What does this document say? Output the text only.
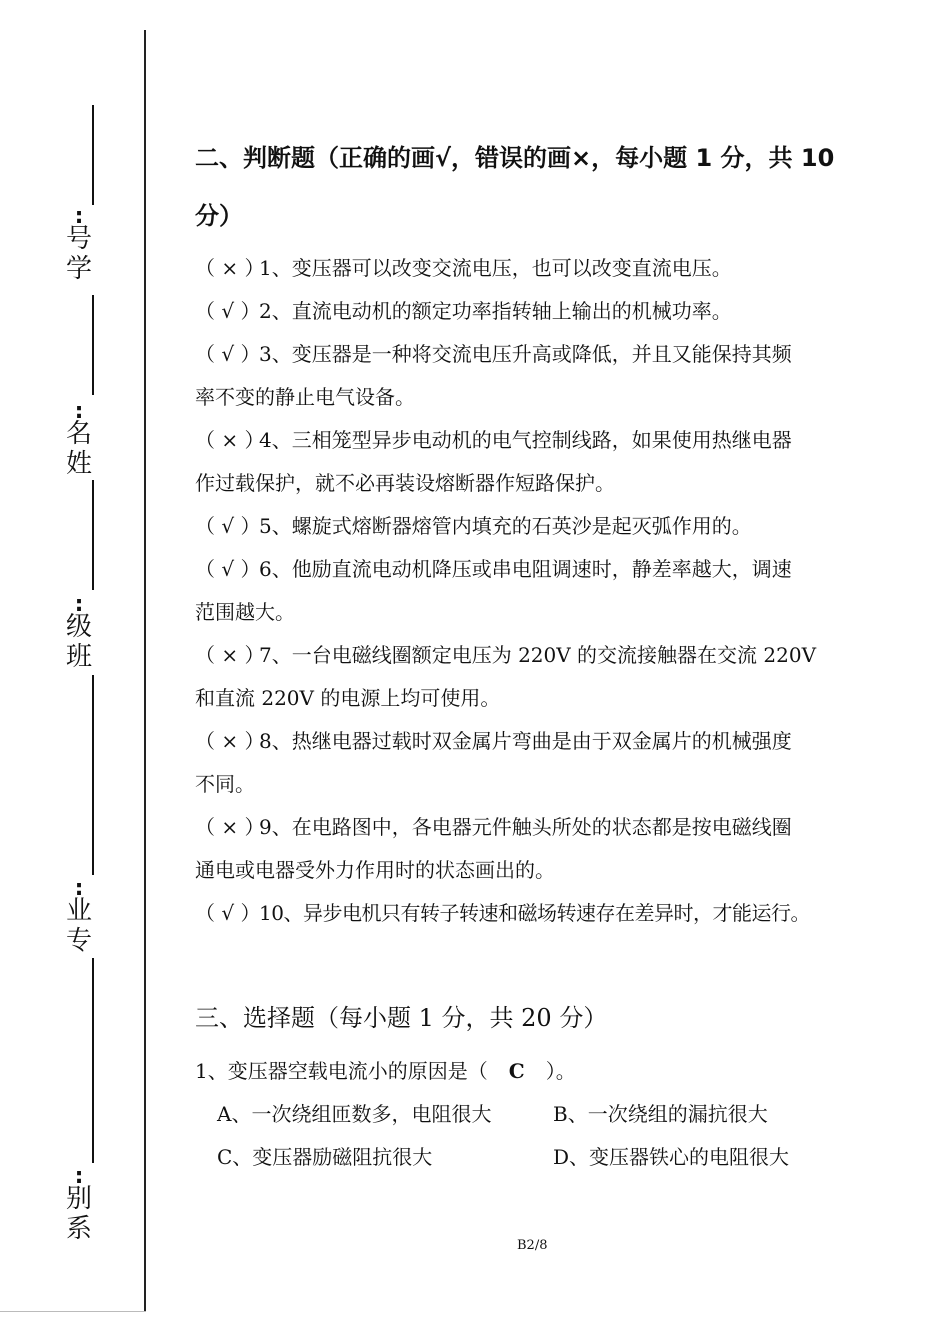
:
号
学
:
名
姓
:
级
班
:
业
专
:
别
系

二、判断题（正确的画√，错误的画×，每小题 1 分，共 10

分）

（ × ）1、变压器可以改变交流电压，也可以改变直流电压。

（ √ ）2、直流电动机的额定功率指转轴上输出的机械功率。

（ √ ）3、变压器是一种将交流电压升高或降低，并且又能保持其频

率不变的静止电气设备。

（ × ）4、三相笼型异步电动机的电气控制线路，如果使用热继电器

作过载保护，就不必再装设熔断器作短路保护。

（ √ ）5、螺旋式熔断器熔管内填充的石英沙是起灭弧作用的。

（ √ ）6、他励直流电动机降压或串电阻调速时，静差率越大，调速

范围越大。

（ × ）7、一台电磁线圈额定电压为 220V 的交流接触器在交流 220V

和直流 220V 的电源上均可使用。

（ × ）8、热继电器过载时双金属片弯曲是由于双金属片的机械强度

不同。

（ × ）9、在电路图中，各电器元件触头所处的状态都是按电磁线圈

通电或电器受外力作用时的状态画出的。

（ √ ）10、异步电机只有转子转速和磁场转速存在差异时，才能运行。

三、选择题（每小题 1 分，共 20 分）

1、变压器空载电流小的原因是（ C ）。

A、一次绕组匝数多，电阻很大	B、一次绕组的漏抗很大
C、变压器励磁阻抗很大	D、变压器铁心的电阻很大
B2/8
